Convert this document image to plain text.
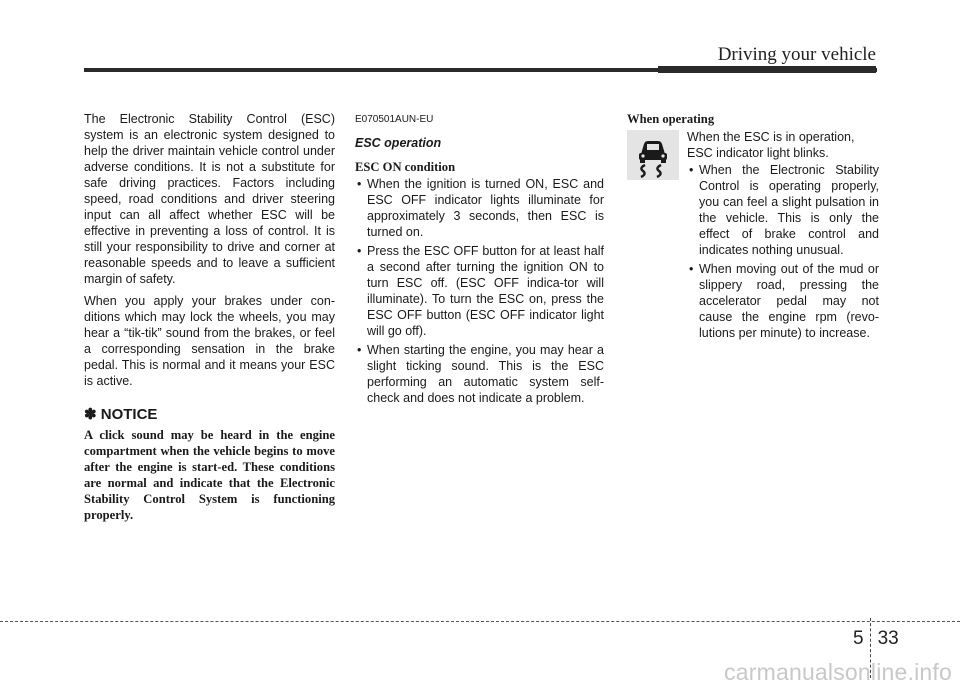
Driving your vehicle

The Electronic Stability Control (ESC) system is an electronic system designed to help the driver maintain vehicle control under adverse conditions. It is not a substitute for safe driving practices. Factors including speed, road conditions and driver steering input can all affect whether ESC will be effective in preventing a loss of control. It is still your responsibility to drive and corner at reasonable speeds and to leave a sufficient margin of safety.

When you apply your brakes under con-ditions which may lock the wheels, you may hear a “tik-tik” sound from the brakes, or feel a corresponding sensation in the brake pedal. This is normal and it means your ESC is active.

✽ NOTICE

A click sound may be heard in the engine compartment when the vehicle begins to move after the engine is start-ed. These conditions are normal and indicate that the Electronic Stability Control System is functioning properly.

E070501AUN-EU
ESC operation
ESC ON condition
• When the ignition is turned ON, ESC and ESC OFF indicator lights illuminate for approximately 3 seconds, then ESC is turned on.
• Press the ESC OFF button for at least half a second after turning the ignition ON to turn ESC off. (ESC OFF indica-tor will illuminate). To turn the ESC on, press the ESC OFF button (ESC OFF indicator light will go off).
• When starting the engine, you may hear a slight ticking sound. This is the ESC performing an automatic system self-check and does not indicate a problem.
When operating

When the ESC is in operation, ESC indicator light blinks.

• When the Electronic Stability Control is operating properly, you can feel a slight pulsation in the vehicle. This is only the effect of brake control and indicates nothing unusual.
• When moving out of the mud or slippery road, pressing the accelerator pedal may not cause the engine rpm (revo-lutions per minute) to increase.
5 33
carmanualsonline.info
